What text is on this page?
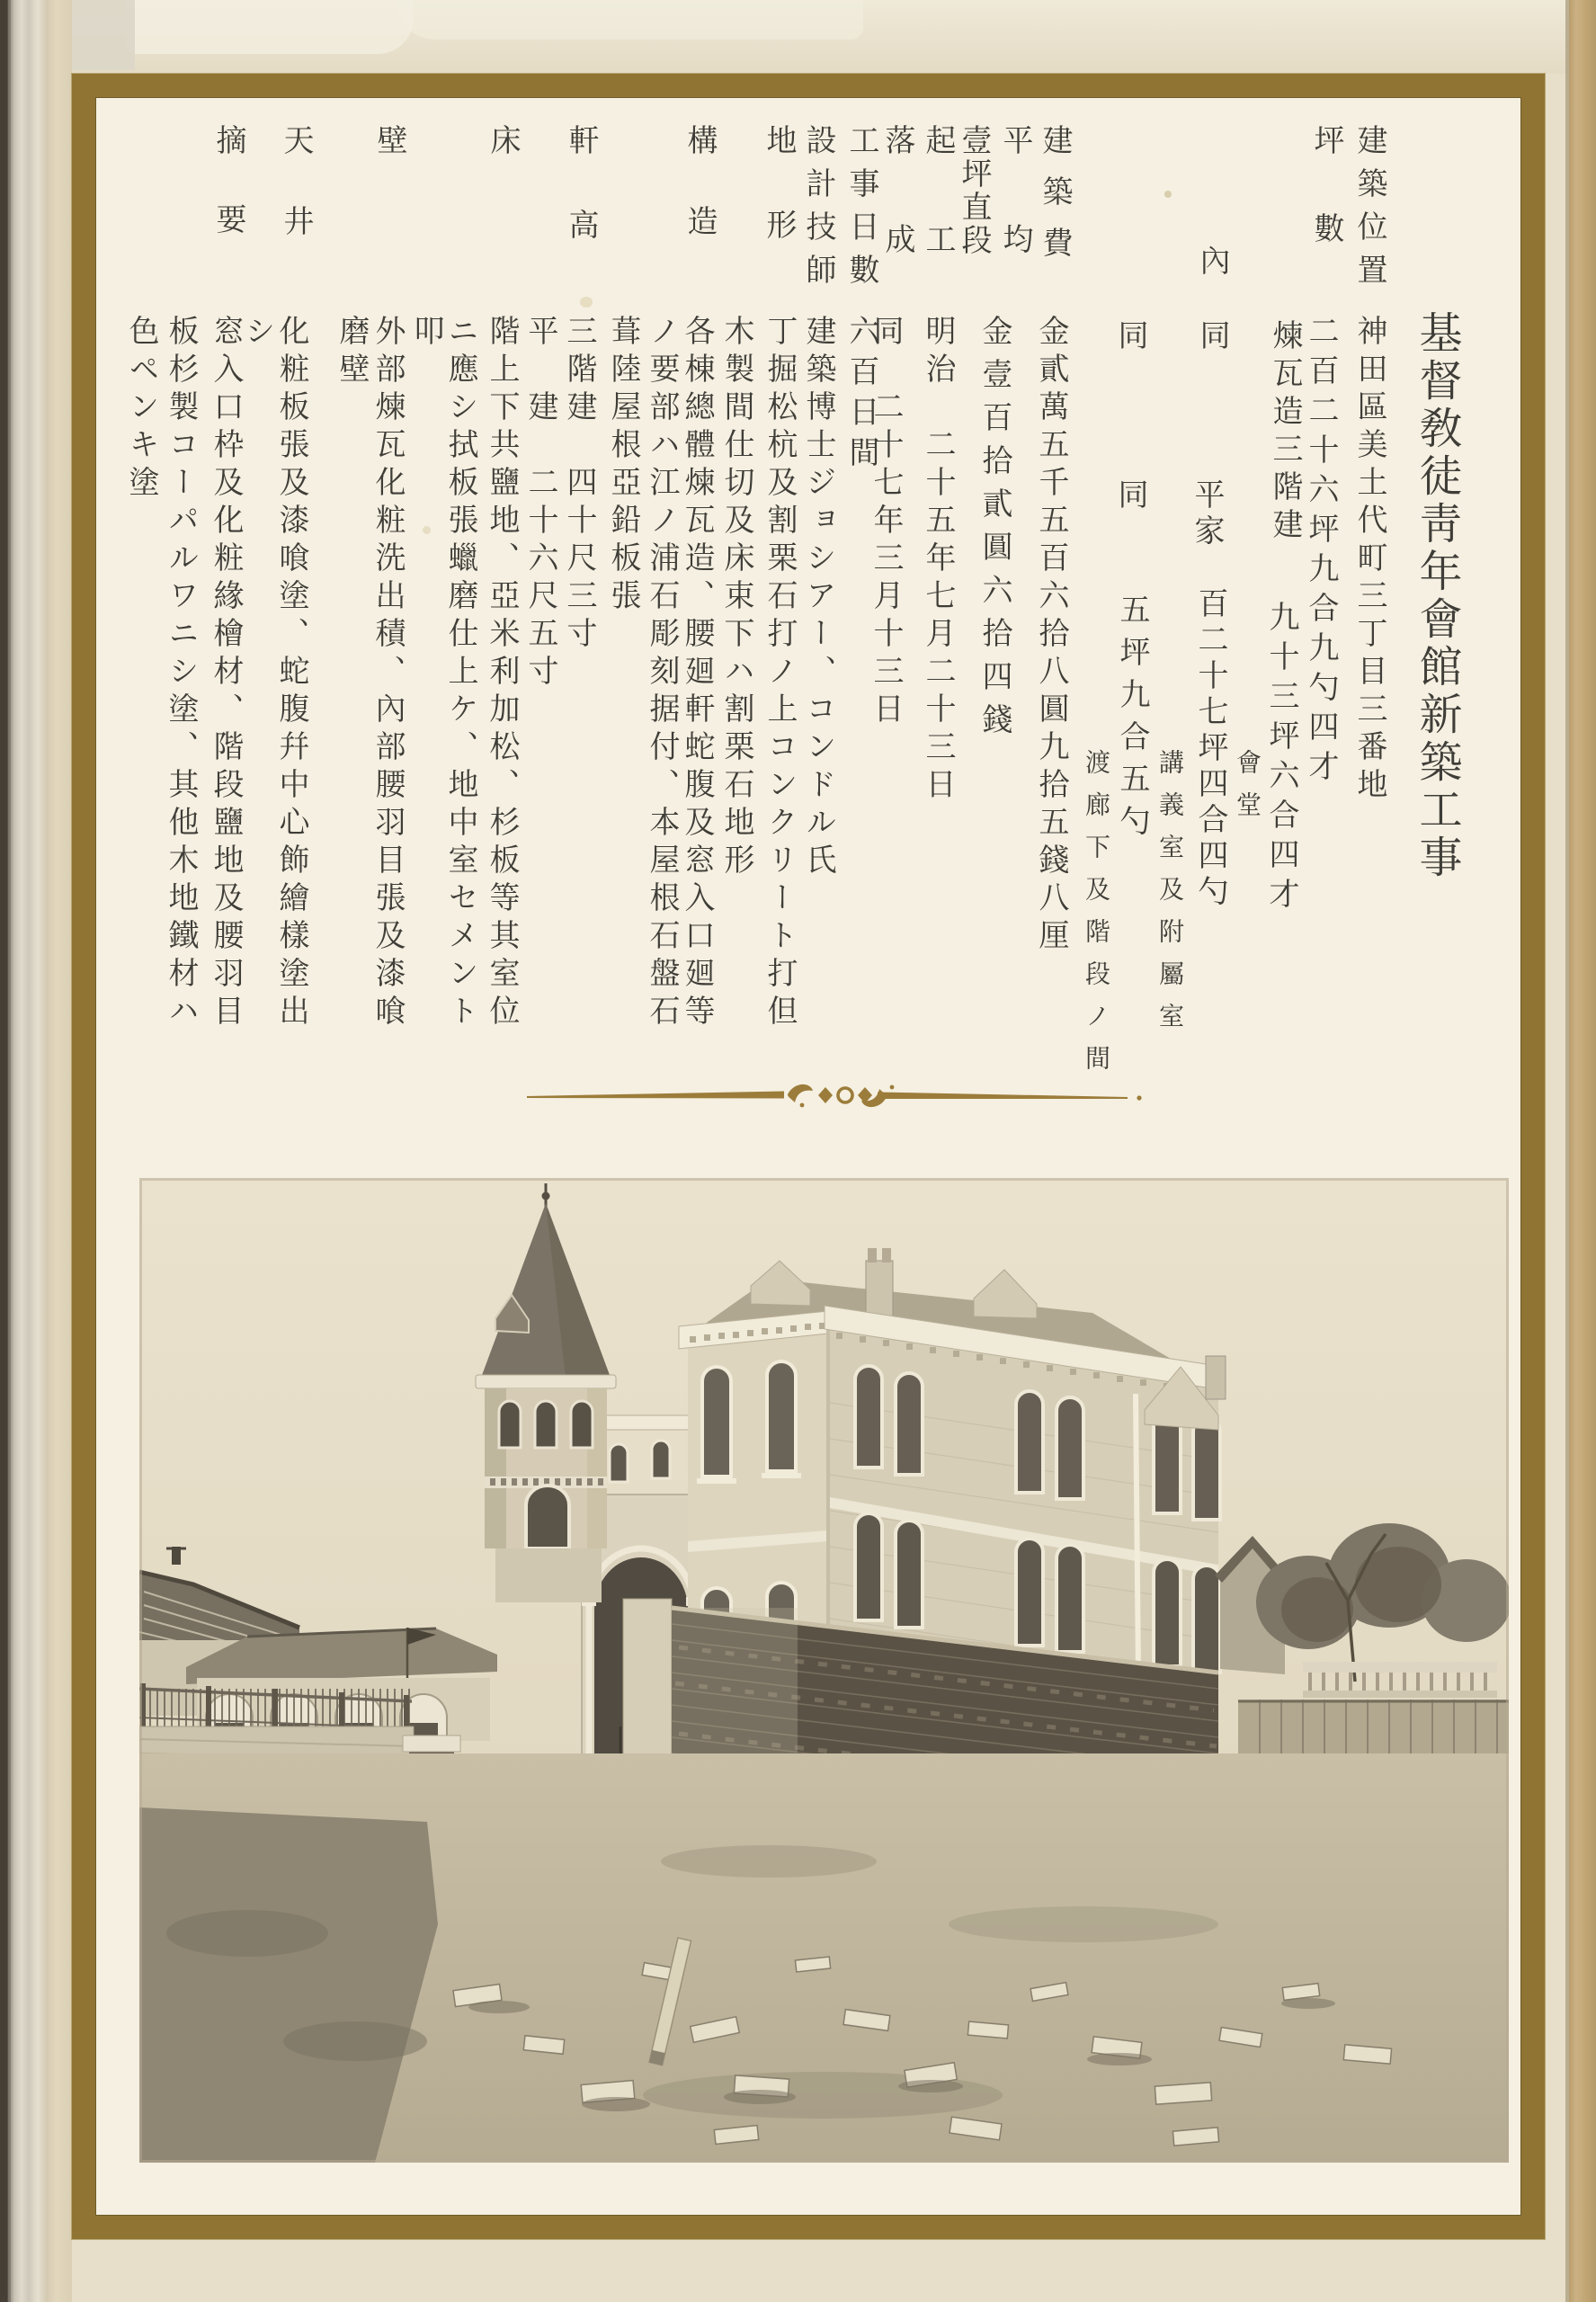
基督敎徒靑年會館新築工事
建築位置
神田區美土代町三丁目三番地
坪
數
二百二十六坪九合九勺四才
煉瓦造三階建
九十三坪六合四才
會堂
內
同
平家
百二十七坪四合四勺
講義室及附屬室
同
同
五坪九合五勺
渡廊下及階段ノ間
建築費
金貳萬五千五百六拾八圓九拾五錢八厘
平
均
壹坪直段
金壹百拾貳圓六拾四錢
起
工
明治　二十五年七月二十三日
落
成
同　二十七年三月十三日
工事日數
六百日間
設計技師
建築博士ジョシアー、コンドル氏
地
形
丁掘松杭及割栗石打ノ上コンクリート打但
木製間仕切及床束下ハ割栗石地形
構
造
各棟總體煉瓦造、腰廻軒蛇腹及窓入口廻等
ノ要部ハ江ノ浦石彫刻据付、本屋根石盤石
葺陸屋根亞鉛板張
軒
高
三階建　四十尺三寸
平　建　二十六尺五寸
床
階上下共鹽地、亞米利加松、杉板等其室位
ニ應シ拭板張蠟磨仕上ケ、地中室セメント
叩
壁
外部煉瓦化粧洗出積、內部腰羽目張及漆喰
磨壁
天
井
化粧板張及漆喰塗、蛇腹幷中心飾繪樣塗出
シ
摘
要
窓入口枠及化粧緣檜材、階段鹽地及腰羽目
板杉製コーパルワニシ塗、其他木地鐵材ハ
色ペンキ塗
